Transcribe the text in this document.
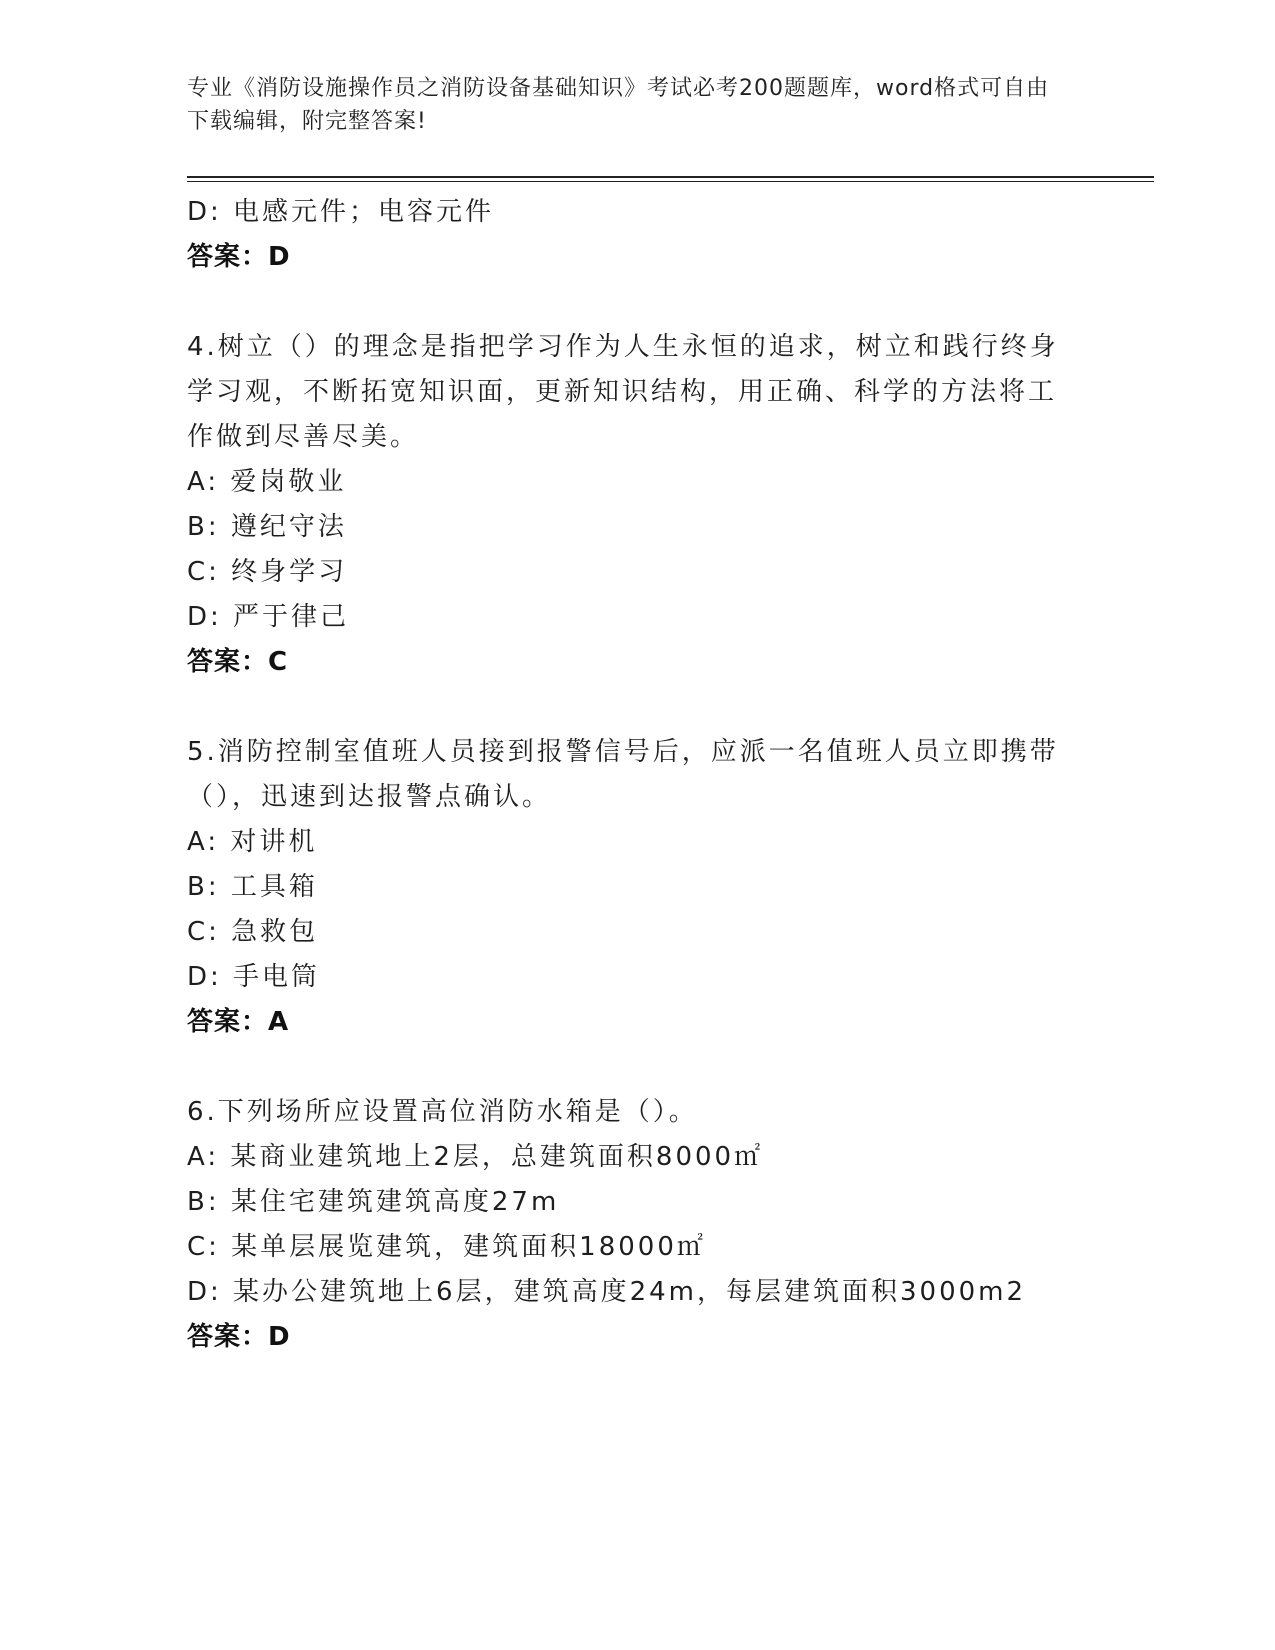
专业《消防设施操作员之消防设备基础知识》考试必考200题题库，word格式可自由下载编辑，附完整答案!
D: 电感元件；电容元件
答案：D
4.树立（）的理念是指把学习作为人生永恒的追求，树立和践行终身
学习观，不断拓宽知识面，更新知识结构，用正确、科学的方法将工
作做到尽善尽美。
A: 爱岗敬业
B: 遵纪守法
C: 终身学习
D: 严于律己
答案：C
5.消防控制室值班人员接到报警信号后，应派一名值班人员立即携带
（），迅速到达报警点确认。
A: 对讲机
B: 工具箱
C: 急救包
D: 手电筒
答案：A
6.下列场所应设置高位消防水箱是（）。
A: 某商业建筑地上2层，总建筑面积8000㎡
B: 某住宅建筑建筑高度27m
C: 某单层展览建筑，建筑面积18000㎡
D: 某办公建筑地上6层，建筑高度24m，每层建筑面积3000m2
答案：D
